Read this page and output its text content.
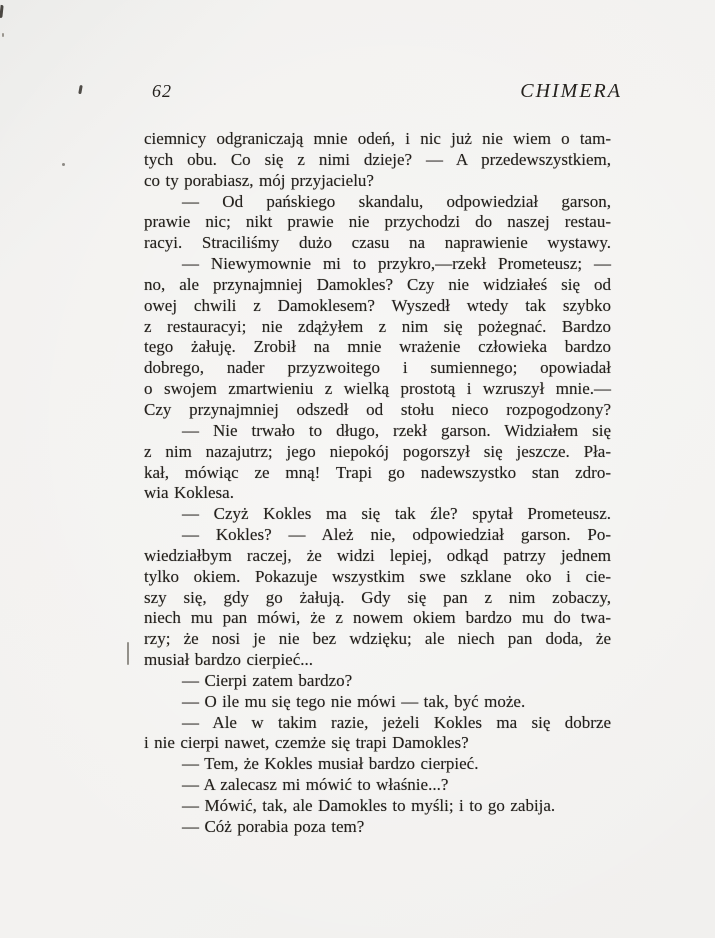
62	CHIMERA
ciemnicy odgraniczają mnie odeń, i nic już nie wiem o tam-
tych obu. Co się z nimi dzieje? — A przedewszystkiem,
co ty porabiasz, mój przyjacielu?
— Od pańskiego skandalu, odpowiedział garson,
prawie nic; nikt prawie nie przychodzi do naszej restau-
racyi. Straciliśmy dużo czasu na naprawienie wystawy.
— Niewymownie mi to przykro,—rzekł Prometeusz; —
no, ale przynajmniej Damokles? Czy nie widziałeś się od
owej chwili z Damoklesem? Wyszedł wtedy tak szybko
z restauracyi; nie zdążyłem z nim się pożegnać. Bardzo
tego żałuję. Zrobił na mnie wrażenie człowieka bardzo
dobrego, nader przyzwoitego i sumiennego; opowiadał
o swojem zmartwieniu z wielką prostotą i wzruszył mnie.—
Czy przynajmniej odszedł od stołu nieco rozpogodzony?
— Nie trwało to długo, rzekł garson. Widziałem się
z nim nazajutrz; jego niepokój pogorszył się jeszcze. Pła-
kał, mówiąc ze mną! Trapi go nadewszystko stan zdro-
wia Koklesa.
— Czyż Kokles ma się tak źle? spytał Prometeusz.
— Kokles? — Ależ nie, odpowiedział garson. Po-
wiedziałbym raczej, że widzi lepiej, odkąd patrzy jednem
tylko okiem. Pokazuje wszystkim swe szklane oko i cie-
szy się, gdy go żałują. Gdy się pan z nim zobaczy,
niech mu pan mówi, że z nowem okiem bardzo mu do twa-
rzy; że nosi je nie bez wdzięku; ale niech pan doda, że
musiał bardzo cierpieć...
— Cierpi zatem bardzo?
— O ile mu się tego nie mówi — tak, być może.
— Ale w takim razie, jeżeli Kokles ma się dobrze
i nie cierpi nawet, czemże się trapi Damokles?
— Tem, że Kokles musiał bardzo cierpieć.
— A zalecasz mi mówić to właśnie...?
— Mówić, tak, ale Damokles to myśli; i to go zabija.
— Cóż porabia poza tem?
